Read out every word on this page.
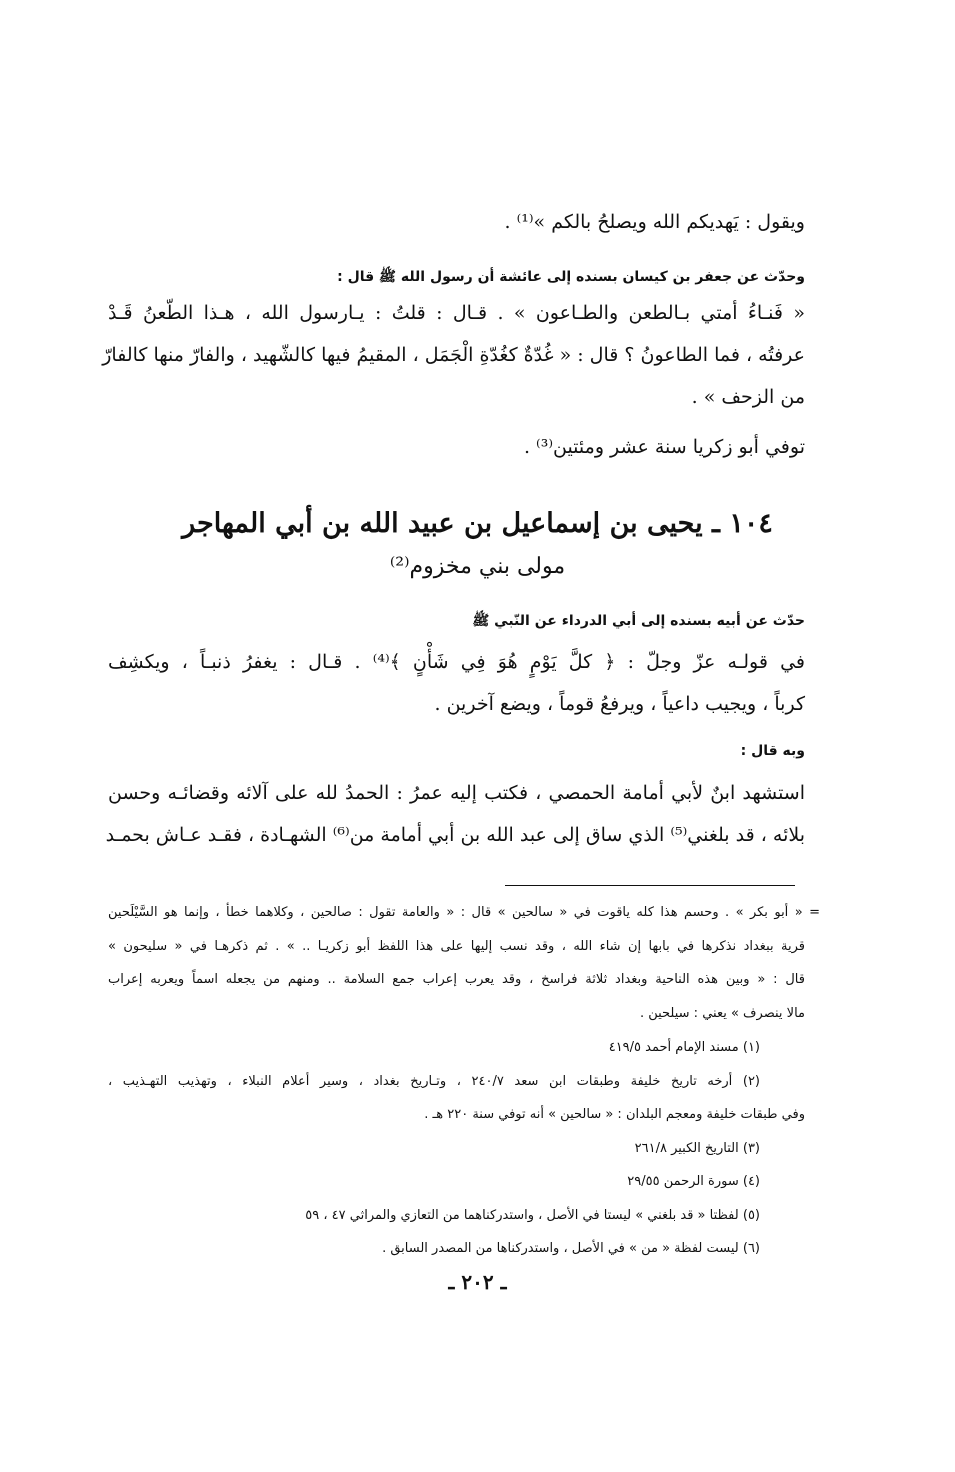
ويقول : يَهديكم الله ويصلحُ بالكم »⁽¹⁾ .
وحدّث عن جعفر بن كيسان بسنده إلى عائشة أن رسول الله ﷺ قال :
« فَنـاءُ أمتي بـالطعن والطـاعون » . قـال : قلتُ : يـارسول الله ، هـذا الطّعنُ قَـدْ
عرفتُه ، فما الطاعونُ ؟ قال : « غُدّةٌ كغُدّةِ الْجَمَل ، المقيمُ فيها كالشّهيد ، والفارّ منها كالفارّ
من الزحف » .
توفي أبو زكريا سنة عشر ومئتين⁽³⁾ .
١٠٤ ـ يحيى بن إسماعيل بن عبيد الله بن أبي المهاجر
مولى بني مخزوم⁽²⁾
حدّث عن أبيه بسنده إلى أبي الدرداء عن النّبي ﷺ
في قولـه عزّ وجلّ : ﴿ كلَّ يَوْمٍ هُوَ فِي شَأْنٍ ﴾⁽⁴⁾ . قـال : يغفرُ ذنبـاً ، ويكشِف
كرباً ، ويجيب داعياً ، ويرفعُ قوماً ، ويضع آخرين .
وبه قال :
استشهد ابنٌ لأبي أمامة الحمصي ، فكتب إليه عمرُ : الحمدُ لله على آلائه وقضائـه وحسن
بلائه ، قد بلغني⁽⁵⁾ الذي ساق إلى عبد الله بن أبي أمامة من⁽⁶⁾ الشهـادة ، فقـد عـاش بحمـد
= « أبو بكر » . وحسم هذا كله ياقوت في « سالحين » قال : « والعامة تقول : صالحين ، وكلاهما خطأ ، وإنما هو السَّيْلَحين
قرية ببغداد نذكرها في بابها إن شاء الله ، وقد نسب إليها على هذا اللفظ أبو زكريـا .. » . ثم ذكرهـا في « سليحون »
قال : « وبين هذه الناحية وبغداد ثلاثة فراسخ ، وقد يعرب إعراب جمع السلامة .. ومنهم من يجعله اسماً ويعربه إعراب
مالا ينصرف » يعني : سيلحين .
(١) مسند الإمام أحمد ٤١٩/٥
(٢) أرخه تاريخ خليفة وطبقات ابن سعد ٢٤٠/٧ ، وتـاريخ بغداد ، وسير أعلام النبلاء ، وتهذيب التهـذيب ،
وفي طبقات خليفة ومعجم البلدان : « سالحين » أنه توفي سنة ٢٢٠ هـ .
(٣) التاريخ الكبير ٢٦١/٨
(٤) سورة الرحمن ٢٩/٥٥
(٥) لفظتا « قد بلغني » ليستا في الأصل ، واستدركناهما من التعازي والمراثي ٤٧ ، ٥٩
(٦) ليست لفظة « من » في الأصل ، واستدركناها من المصدر السابق .
ـ ٢٠٢ ـ
